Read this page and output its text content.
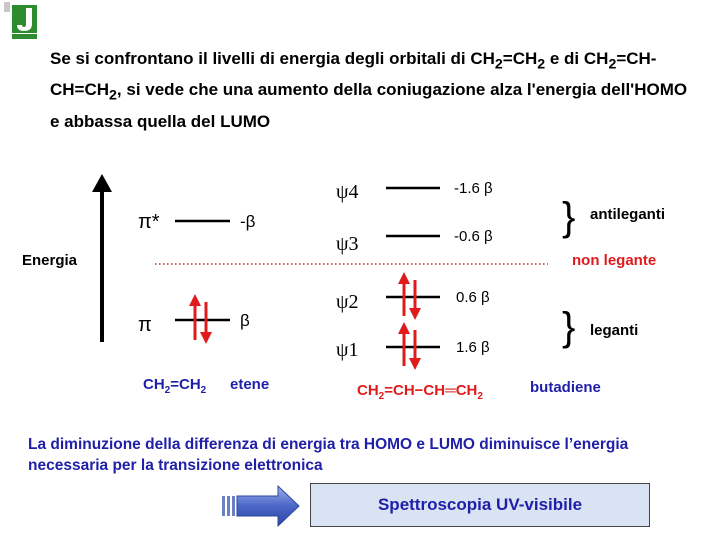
Se si confrontano il livelli di energia degli orbitali di $CH_2=CH_2$ e di $CH_2=CH-CH=CH_2$, si vede che una aumento della coniugazione alza l'energia dell'HOMO e abbassa quella del LUMO
Energia
π*	-β
π	β
ψ4	-1.6 β
ψ3	-0.6 β
ψ2	0.6 β
ψ1	1.6 β
} antileganti
non legante
} leganti
$CH_2=CH_2$ etene	$CH_2=CH-CH═CH_2$
butadiene
La diminuzione della differenza di energia tra HOMO e LUMO diminuisce l’energia necessaria per la transizione elettronica
Spettroscopia UV-visibile
